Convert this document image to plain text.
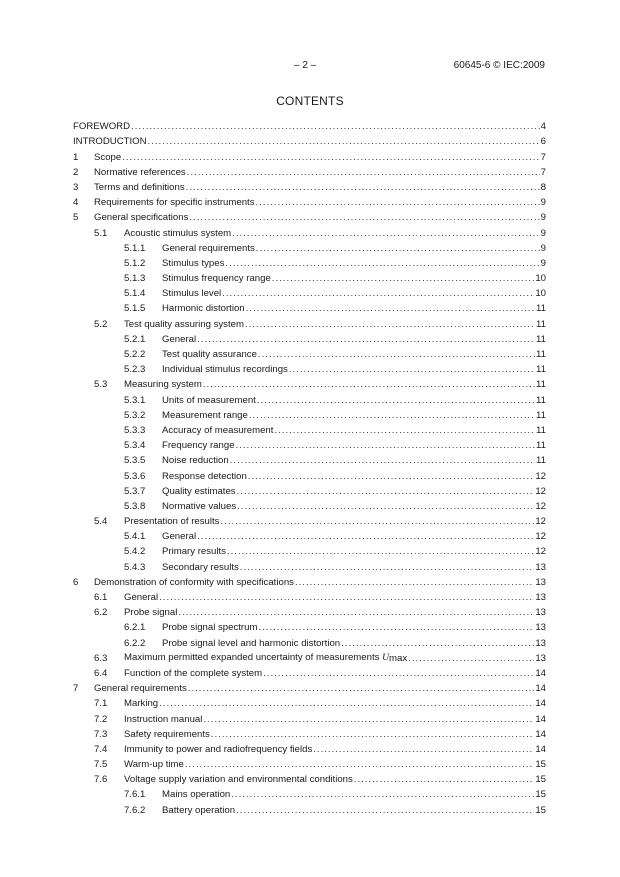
– 2 –	60645-6 © IEC:2009
CONTENTS
FOREWORD .....	4
INTRODUCTION .....	6
1	Scope .....	7
2	Normative references .....	7
3	Terms and definitions .....	8
4	Requirements for specific instruments .....	9
5	General specifications .....	9
5.1	Acoustic stimulus system .....	9
5.1.1	General requirements .....	9
5.1.2	Stimulus types .....	9
5.1.3	Stimulus frequency range .....	10
5.1.4	Stimulus level .....	10
5.1.5	Harmonic distortion .....	11
5.2	Test quality assuring system .....	11
5.2.1	General .....	11
5.2.2	Test quality assurance .....	11
5.2.3	Individual stimulus recordings .....	11
5.3	Measuring system .....	11
5.3.1	Units of measurement .....	11
5.3.2	Measurement range .....	11
5.3.3	Accuracy of measurement .....	11
5.3.4	Frequency range .....	11
5.3.5	Noise reduction .....	11
5.3.6	Response detection .....	12
5.3.7	Quality estimates .....	12
5.3.8	Normative values .....	12
5.4	Presentation of results .....	12
5.4.1	General .....	12
5.4.2	Primary results .....	12
5.4.3	Secondary results .....	13
6	Demonstration of conformity with specifications .....	13
6.1	General .....	13
6.2	Probe signal .....	13
6.2.1	Probe signal spectrum .....	13
6.2.2	Probe signal level and harmonic distortion .....	13
6.3	Maximum permitted expanded uncertainty of measurements $U_{max}$ .....	13
6.4	Function of the complete system .....	14
7	General requirements .....	14
7.1	Marking .....	14
7.2	Instruction manual .....	14
7.3	Safety requirements .....	14
7.4	Immunity to power and radiofrequency fields .....	14
7.5	Warm-up time .....	15
7.6	Voltage supply variation and environmental conditions .....	15
7.6.1	Mains operation .....	15
7.6.2	Battery operation .....	15
